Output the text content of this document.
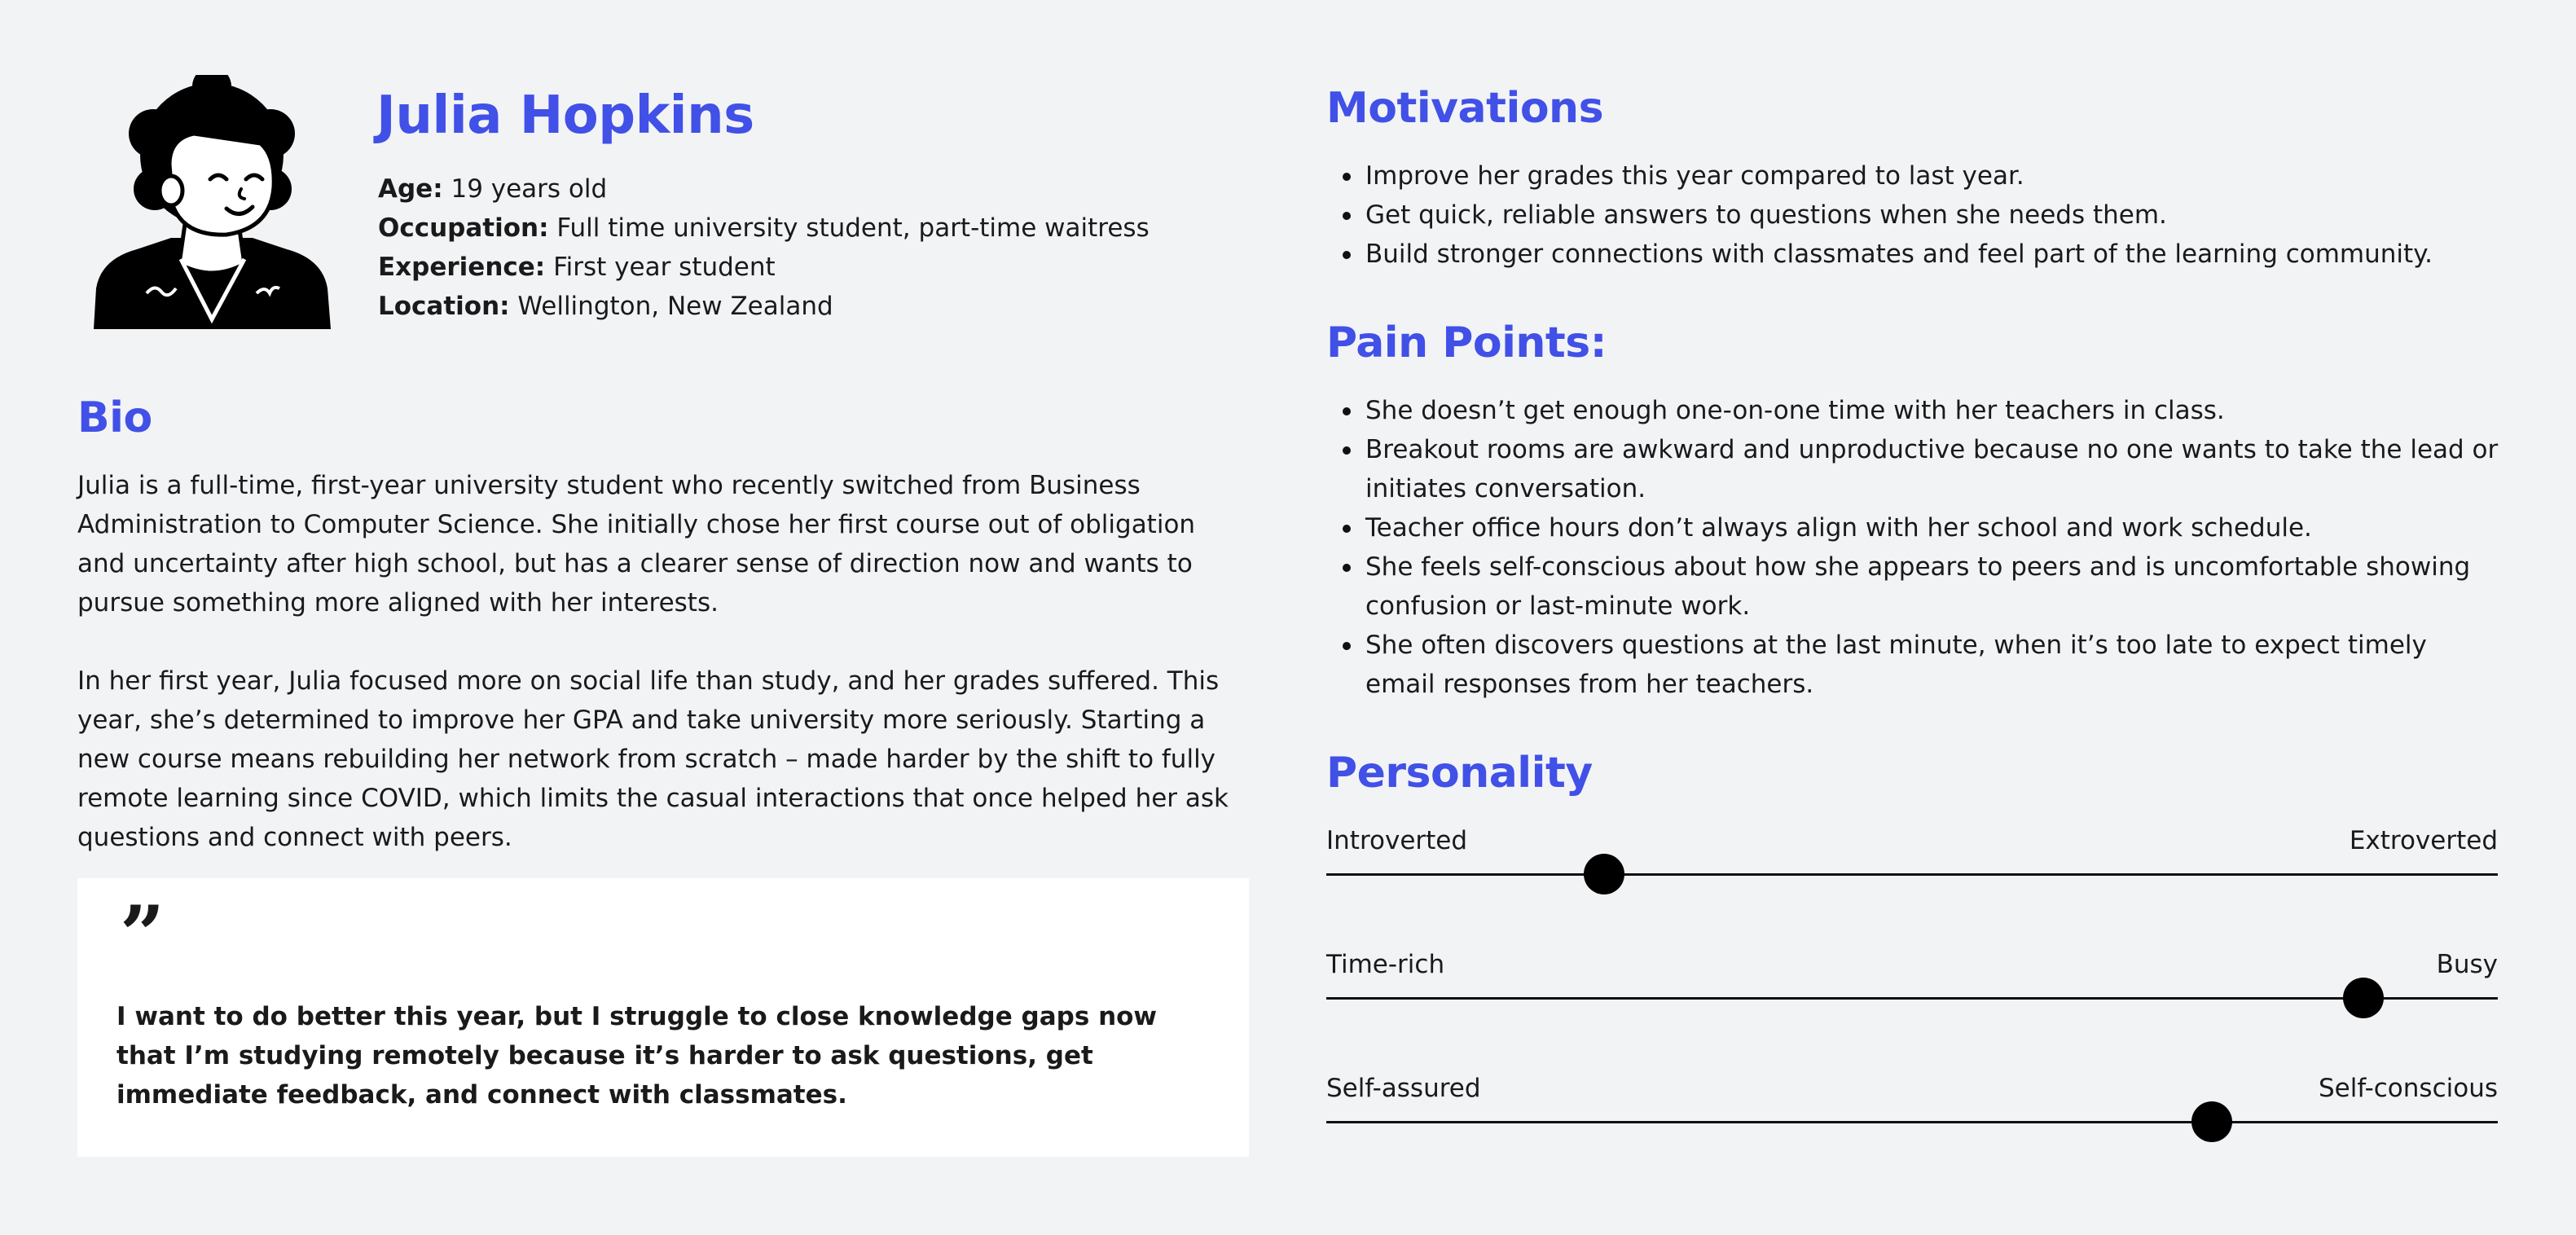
Julia Hopkins
Age: 19 years old
Occupation: Full time university student, part-time waitress
Experience: First year student
Location: Wellington, New Zealand
Bio

Julia is a full-time, first-year university student who recently switched from Business Administration to Computer Science. She initially chose her first course out of obligation and uncertainty after high school, but has a clearer sense of direction now and wants to pursue something more aligned with her interests.

In her first year, Julia focused more on social life than study, and her grades suffered. This year, she’s determined to improve her GPA and take university more seriously. Starting a new course means rebuilding her network from scratch – made harder by the shift to fully remote learning since COVID, which limits the casual interactions that once helped her ask questions and connect with peers.

”
I want to do better this year, but I struggle to close knowledge gaps now that I’m studying remotely because it’s harder to ask questions, get immediate feedback, and connect with classmates.
Motivations
Improve her grades this year compared to last year.
Get quick, reliable answers to questions when she needs them.
Build stronger connections with classmates and feel part of the learning community.
Pain Points:
She doesn’t get enough one-on-one time with her teachers in class.
Breakout rooms are awkward and unproductive because no one wants to take the lead or initiates conversation.
Teacher office hours don’t always align with her school and work schedule.
She feels self-conscious about how she appears to peers and is uncomfortable showing confusion or last-minute work.
She often discovers questions at the last minute, when it’s too late to expect timely email responses from her teachers.
Personality
Introverted	Extroverted
Time-rich	Busy
Self-assured	Self-conscious
